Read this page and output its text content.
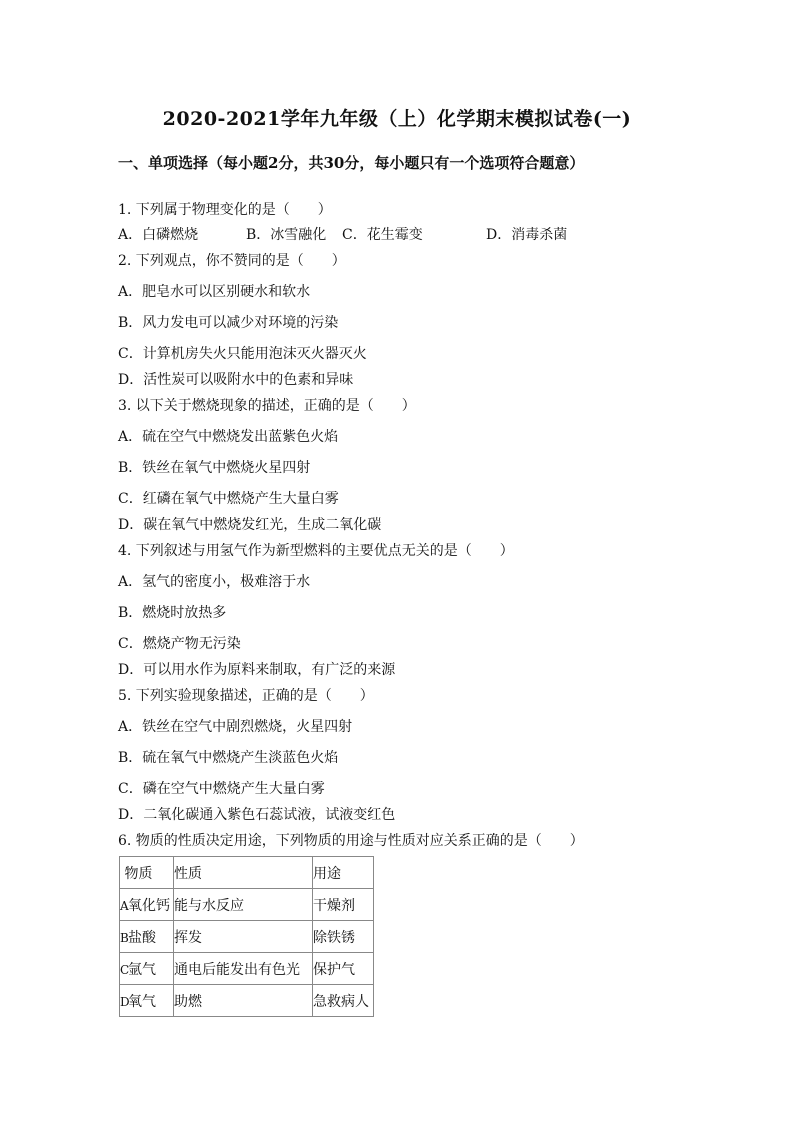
2020-2021学年九年级（上）化学期末模拟试卷(一)
一、单项选择（每小题2分，共30分，每小题只有一个选项符合题意）
1. 下列属于物理变化的是（　　）
A．白磷燃烧	B．冰雪融化 C．花生霉变	D．消毒杀菌
2. 下列观点，你不赞同的是（　　）
A．肥皂水可以区别硬水和软水
B．风力发电可以减少对环境的污染
C．计算机房失火只能用泡沫灭火器灭火
D．活性炭可以吸附水中的色素和异味
3. 以下关于燃烧现象的描述，正确的是（　　）
A．硫在空气中燃烧发出蓝紫色火焰
B．铁丝在氧气中燃烧火星四射
C．红磷在氧气中燃烧产生大量白雾
D．碳在氧气中燃烧发红光，生成二氧化碳
4. 下列叙述与用氢气作为新型燃料的主要优点无关的是（　　）
A．氢气的密度小，极难溶于水
B．燃烧时放热多
C．燃烧产物无污染
D．可以用水作为原料来制取，有广泛的来源
5. 下列实验现象描述，正确的是（　　）
A．铁丝在空气中剧烈燃烧，火星四射
B．硫在氧气中燃烧产生淡蓝色火焰
C．磷在空气中燃烧产生大量白雾
D．二氧化碳通入紫色石蕊试液，试液变红色
6. 物质的性质决定用途，下列物质的用途与性质对应关系正确的是（　　）
物质	性质	用途
A氧化钙	能与水反应	干燥剂
B盐酸	挥发	除铁锈
C氩气	通电后能发出有色光	保护气
D氧气	助燃	急救病人
